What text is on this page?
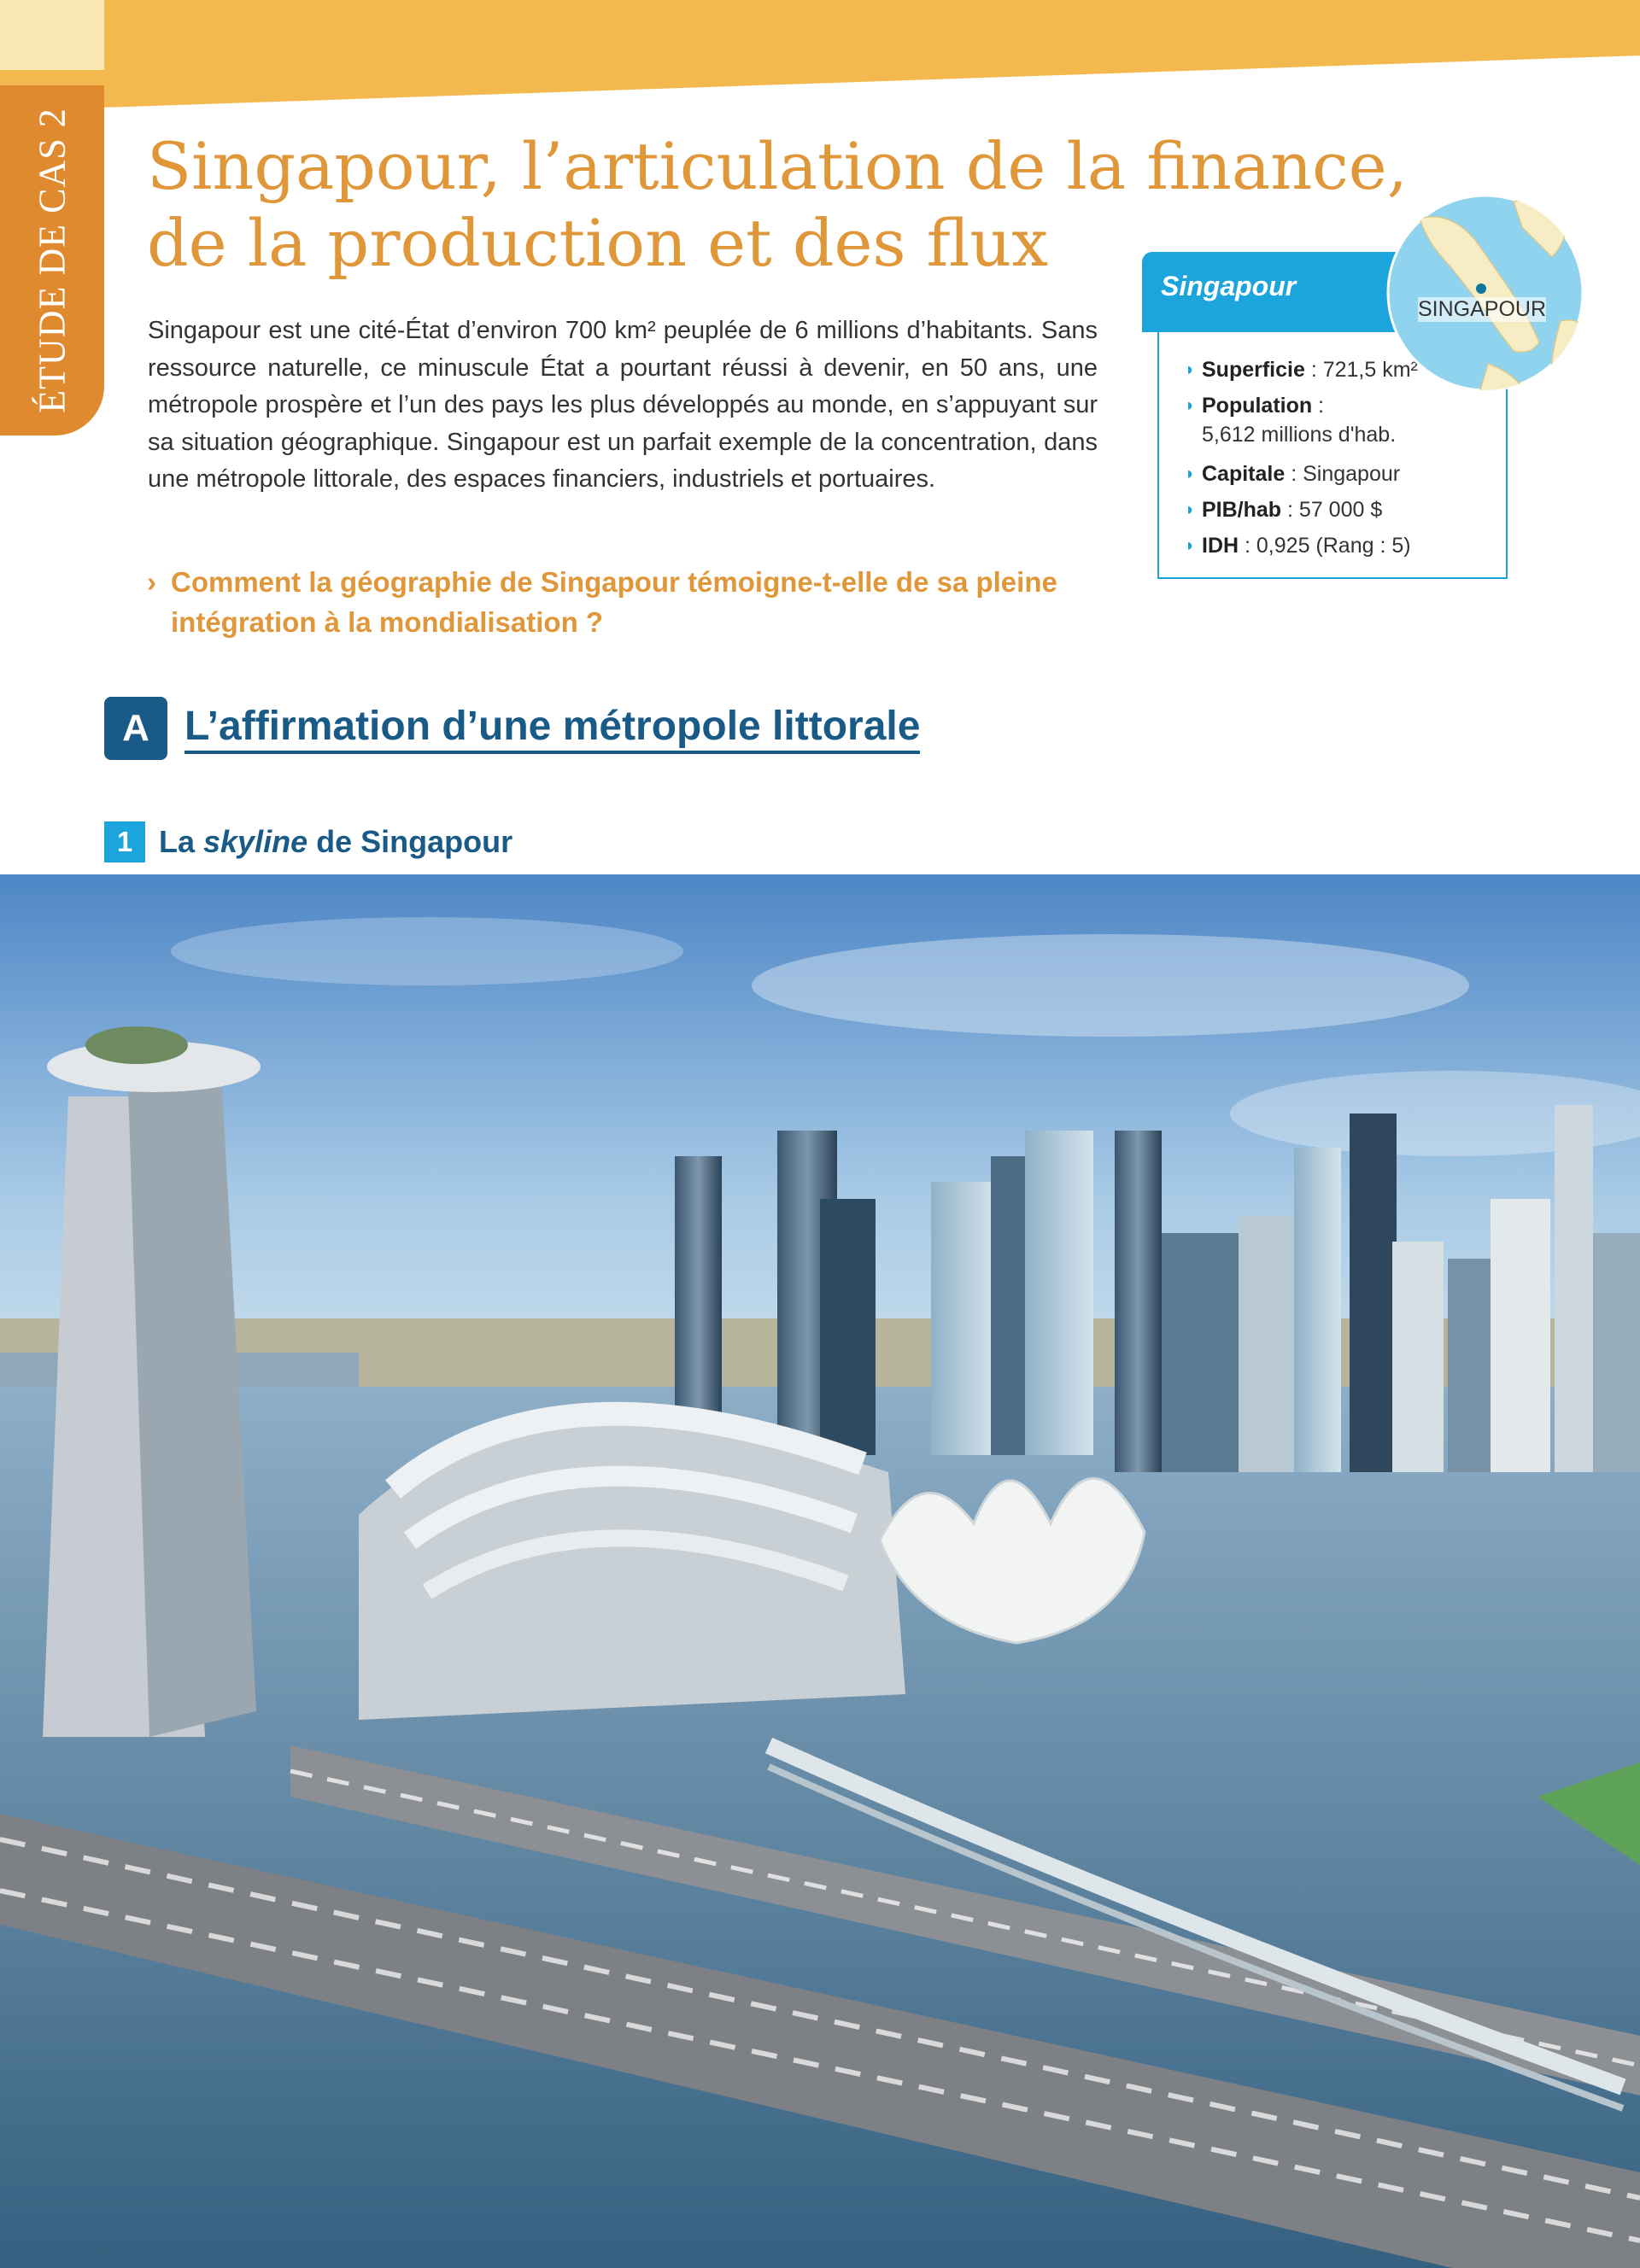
ÉTUDE DE CAS 2 Singapour, l’articulation de la finance,
de la production et des flux

Singapour est une cité-État d’environ 700 km² peuplée de 6 millions d’habitants. Sans ressource naturelle, ce minuscule État a pourtant réussi à devenir, en 50 ans, une métropole prospère et l’un des pays les plus développés au monde, en s’appuyant sur sa situation géographique. Singapour est un parfait exemple de la concentration, dans une métropole littorale, des espaces financiers, industriels et portuaires.

› Comment la géographie de Singapour témoigne-t-elle de sa pleine intégration à la mondialisation ?
◗ Superficie : 721,5 km²
◗ Population :
5,612 millions d'hab.
◗ Capitale : Singapour
◗ PIB/hab : 57 000 $
◗ IDH : 0,925 (Rang : 5)
Singapour
SINGAPOUR
A L’affirmation d’une métropole littorale
1 La skyline de Singapour
